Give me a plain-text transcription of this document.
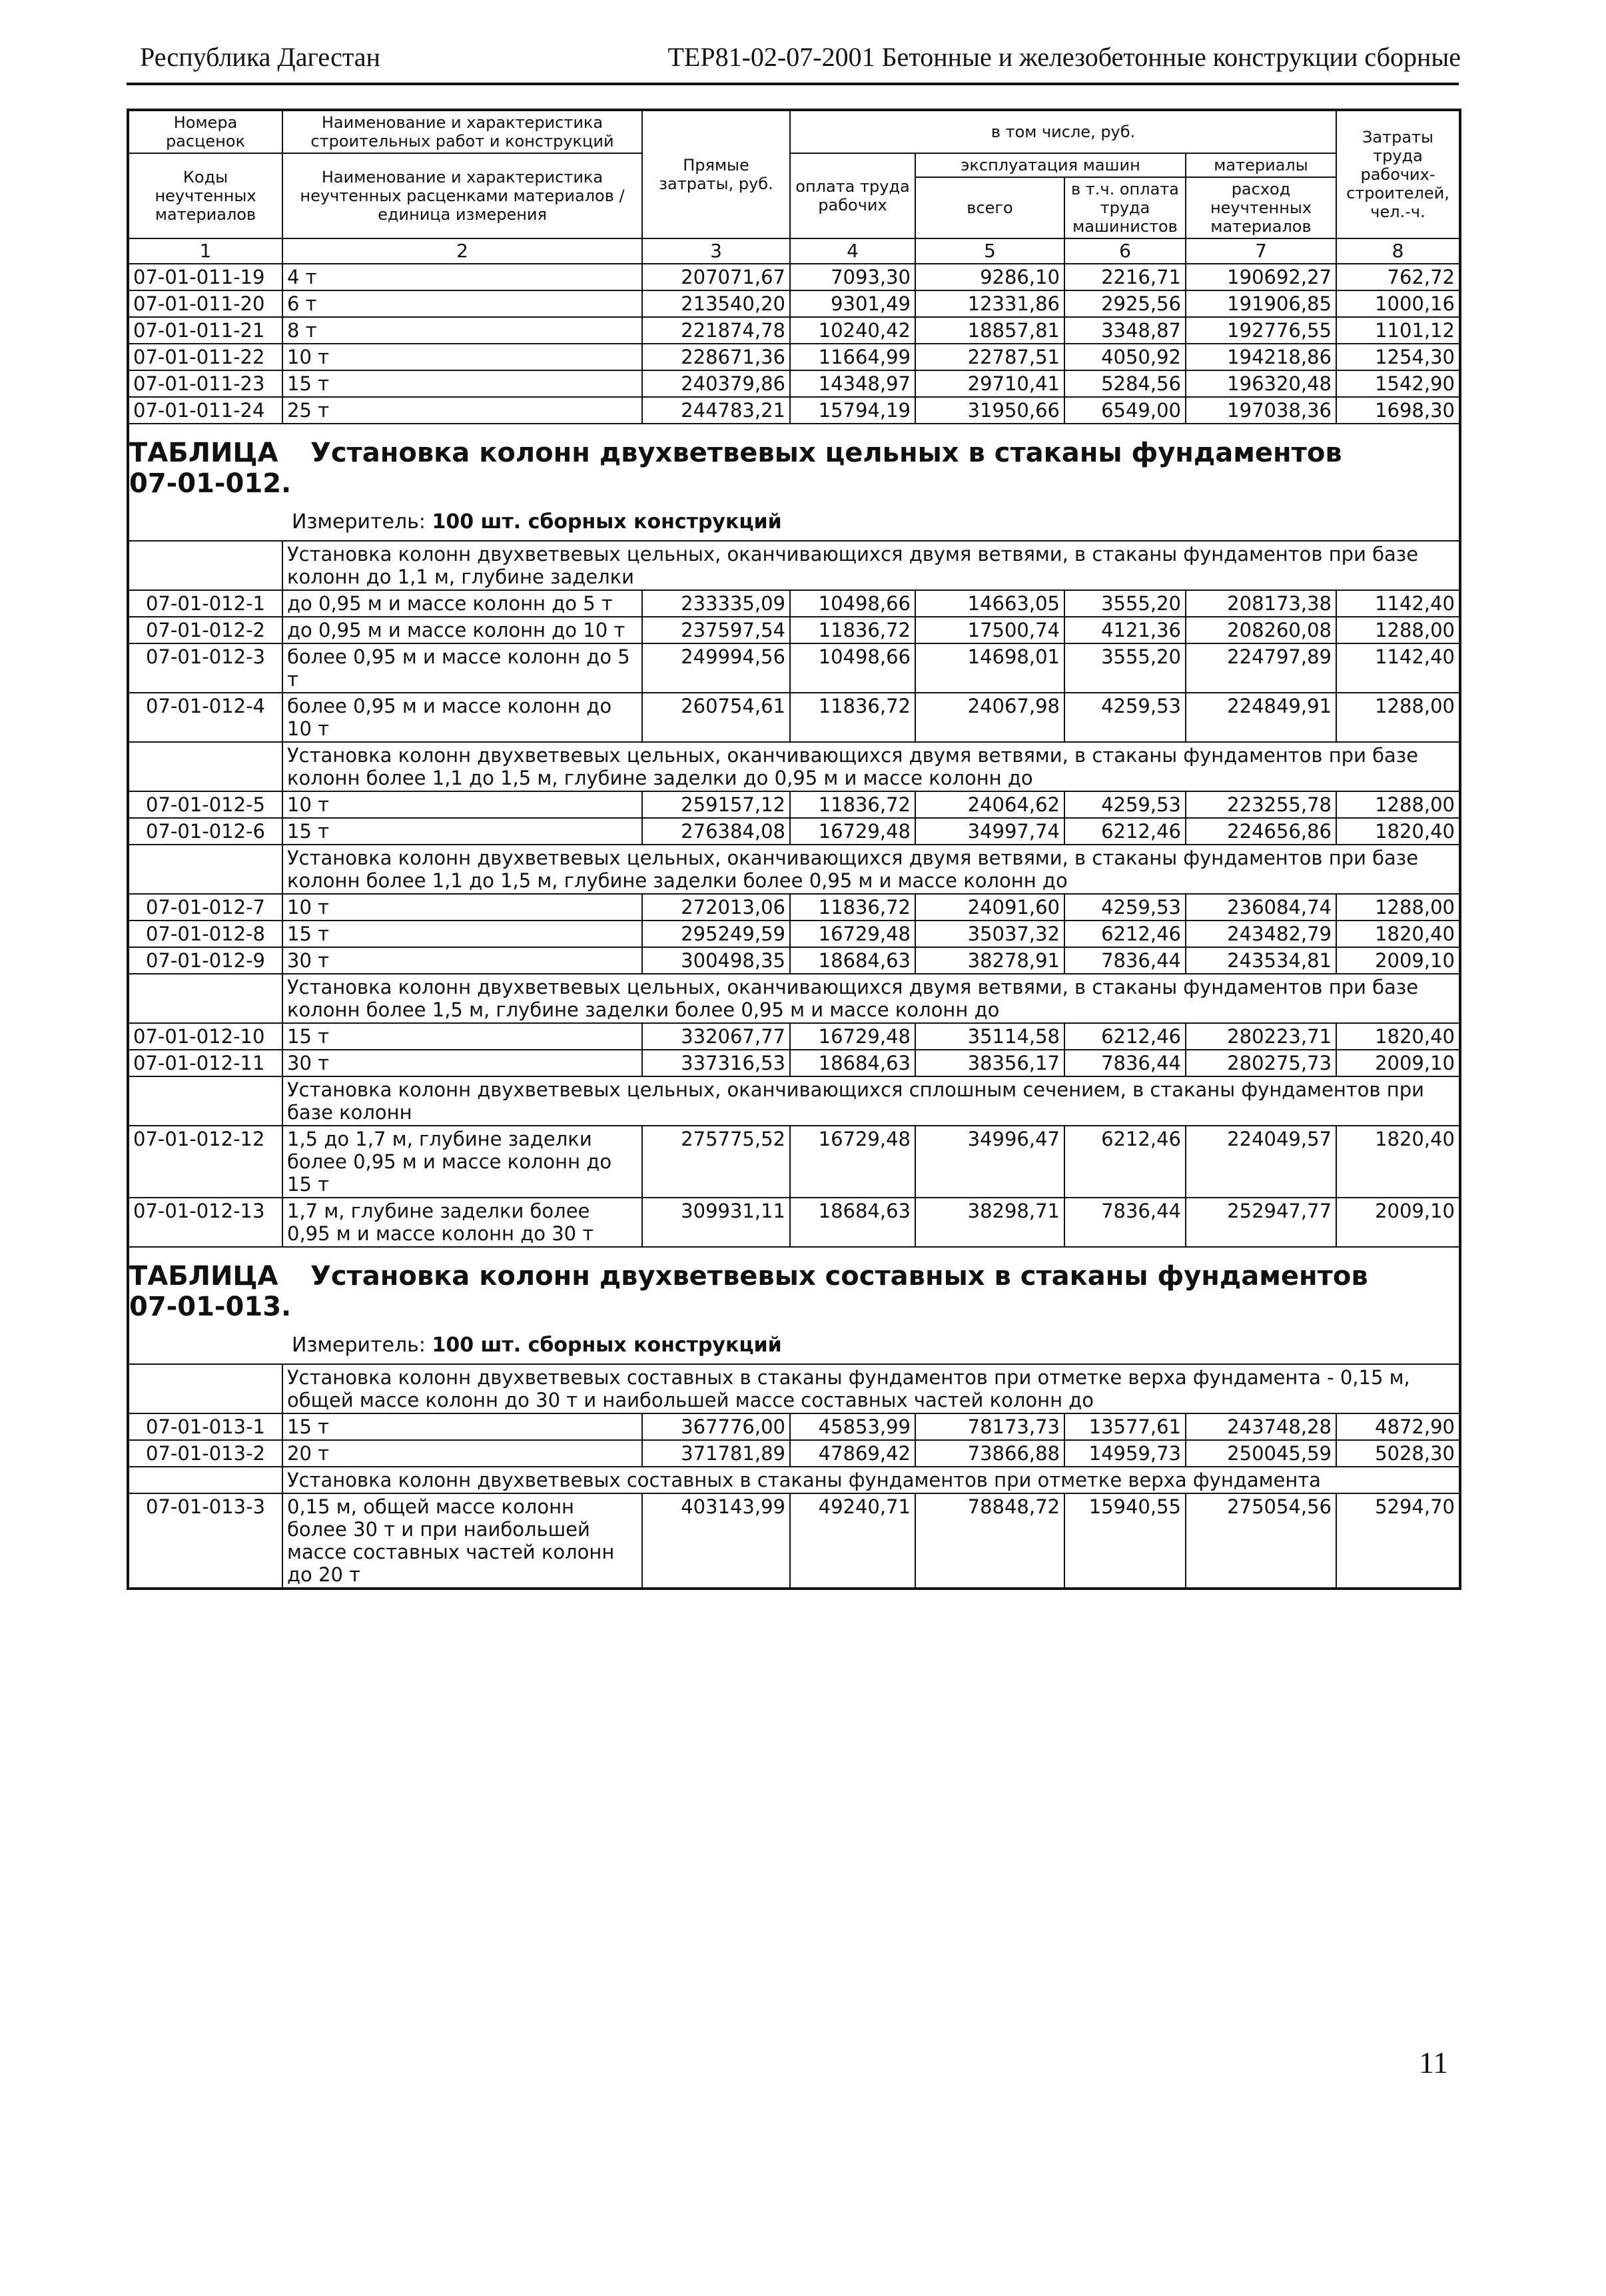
Республика Дагестан	ТЕР81-02-07-2001 Бетонные и железобетонные конструкции сборные
Номера расценок	Наименование и характеристика строительных работ и конструкций	Прямые затраты, руб.	в том числе, руб.				Затраты труда рабочих-строителей, чел.-ч.
Коды неучтенных материалов	Наименование и характеристика неучтенных расценками материалов / единица измерения		оплата труда рабочих	эксплуатация машин		материалы	
				всего	в т.ч. оплата труда машинистов	расход неучтенных материалов	
1	2	3	4	5	6	7	8
07-01-011-19	4 т	207071,67	7093,30	9286,10	2216,71	190692,27	762,72
07-01-011-20	6 т	213540,20	9301,49	12331,86	2925,56	191906,85	1000,16
07-01-011-21	8 т	221874,78	10240,42	18857,81	3348,87	192776,55	1101,12
07-01-011-22	10 т	228671,36	11664,99	22787,51	4050,92	194218,86	1254,30
07-01-011-23	15 т	240379,86	14348,97	29710,41	5284,56	196320,48	1542,90
07-01-011-24	25 т	244783,21	15794,19	31950,66	6549,00	197038,36	1698,30

ТАБЛИЦА 07-01-012.
Установка колонн двухветвевых цельных в стаканы фундаментов
Измеритель: 100 шт. сборных конструкций							

	Установка колонн двухветвевых цельных, оканчивающихся двумя ветвями, в стаканы фундаментов при базе колонн до 1,1 м, глубине заделки						
07-01-012-1	до 0,95 м и массе колонн до 5 т	233335,09	10498,66	14663,05	3555,20	208173,38	1142,40
07-01-012-2	до 0,95 м и массе колонн до 10 т	237597,54	11836,72	17500,74	4121,36	208260,08	1288,00
07-01-012-3	более 0,95 м и массе колонн до 5 т	249994,56	10498,66	14698,01	3555,20	224797,89	1142,40
07-01-012-4	более 0,95 м и массе колонн до 10 т	260754,61	11836,72	24067,98	4259,53	224849,91	1288,00
	Установка колонн двухветвевых цельных, оканчивающихся двумя ветвями, в стаканы фундаментов при базе колонн более 1,1 до 1,5 м, глубине заделки до 0,95 м и массе колонн до						
07-01-012-5	10 т	259157,12	11836,72	24064,62	4259,53	223255,78	1288,00
07-01-012-6	15 т	276384,08	16729,48	34997,74	6212,46	224656,86	1820,40
	Установка колонн двухветвевых цельных, оканчивающихся двумя ветвями, в стаканы фундаментов при базе колонн более 1,1 до 1,5 м, глубине заделки более 0,95 м и массе колонн до						
07-01-012-7	10 т	272013,06	11836,72	24091,60	4259,53	236084,74	1288,00
07-01-012-8	15 т	295249,59	16729,48	35037,32	6212,46	243482,79	1820,40
07-01-012-9	30 т	300498,35	18684,63	38278,91	7836,44	243534,81	2009,10
	Установка колонн двухветвевых цельных, оканчивающихся двумя ветвями, в стаканы фундаментов при базе колонн более 1,5 м, глубине заделки более 0,95 м и массе колонн до						
07-01-012-10	15 т	332067,77	16729,48	35114,58	6212,46	280223,71	1820,40
07-01-012-11	30 т	337316,53	18684,63	38356,17	7836,44	280275,73	2009,10
	Установка колонн двухветвевых цельных, оканчивающихся сплошным сечением, в стаканы фундаментов при базе колонн						
07-01-012-12	1,5 до 1,7 м, глубине заделки более 0,95 м и массе колонн до 15 т	275775,52	16729,48	34996,47	6212,46	224049,57	1820,40
07-01-012-13	1,7 м, глубине заделки более 0,95 м и массе колонн до 30 т	309931,11	18684,63	38298,71	7836,44	252947,77	2009,10

ТАБЛИЦА 07-01-013.
Установка колонн двухветвевых составных в стаканы фундаментов
Измеритель: 100 шт. сборных конструкций							

	Установка колонн двухветвевых составных в стаканы фундаментов при отметке верха фундамента - 0,15 м, общей массе колонн до 30 т и наибольшей массе составных частей колонн до						
07-01-013-1	15 т	367776,00	45853,99	78173,73	13577,61	243748,28	4872,90
07-01-013-2	20 т	371781,89	47869,42	73866,88	14959,73	250045,59	5028,30
	Установка колонн двухветвевых составных в стаканы фундаментов при отметке верха фундамента						
07-01-013-3	0,15 м, общей массе колонн более 30 т и при наибольшей массе составных частей колонн до 20 т	403143,99	49240,71	78848,72	15940,55	275054,56	5294,70
11
